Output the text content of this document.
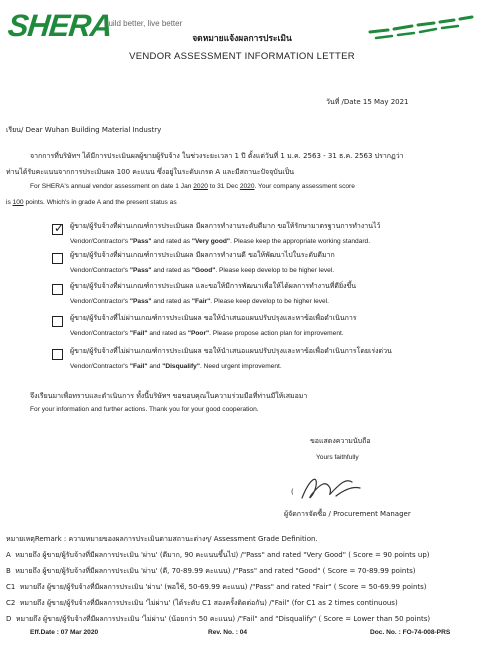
SHERA
build better, live better
จดหมายแจ้งผลการประเมิน
VENDOR ASSESSMENT INFORMATION LETTER
วันที่ /Date 15 May 2021
เรียน/ Dear Wuhan Building Material Industry
จากการที่บริษัทฯ ได้มีการประเมินผลผู้ขายผู้รับจ้าง ในช่วงระยะเวลา 1 ปี ตั้งแต่วันที่ 1 ม.ค. 2563 - 31 ธ.ค. 2563 ปรากฏว่า
ท่านได้รับคะแนนจากการประเมินผล 100 คะแนน ซึ่งอยู่ในระดับเกรด A และมีสถานะปัจจุบันเป็น
For SHERA's annual vendor assessment on date 1 Jan 2020 to 31 Dec 2020. Your company assessment score
is 100 points. Which's in grade A and the present status as
✓ ผู้ขาย/ผู้รับจ้างที่ผ่านเกณฑ์การประเมินผล มีผลการทำงานระดับดีมาก ขอให้รักษามาตรฐานการทำงานไว้
Vendor/Contractor's "Pass" and rated as "Very good". Please keep the appropriate working standard.
ผู้ขาย/ผู้รับจ้างที่ผ่านเกณฑ์การประเมินผล มีผลการทำงานดี ขอให้พัฒนาไปในระดับดีมาก
Vendor/Contractor's "Pass" and rated as "Good". Please keep develop to be higher level.
ผู้ขาย/ผู้รับจ้างที่ผ่านเกณฑ์การประเมินผล และขอให้มีการพัฒนาเพื่อให้ได้ผลการทำงานที่ดียิ่งขึ้น
Vendor/Contractor's "Pass" and rated as "Fair". Please keep develop to be higher level.
ผู้ขาย/ผู้รับจ้างที่ไม่ผ่านเกณฑ์การประเมินผล ขอให้นำเสนอแผนปรับปรุงและหาข้อเพื่อดำเนินการ
Vendor/Contractor's "Fail" and rated as "Poor". Please propose action plan for improvement.
ผู้ขาย/ผู้รับจ้างที่ไม่ผ่านเกณฑ์การประเมินผล ขอให้นำเสนอแผนปรับปรุงและหาข้อเพื่อดำเนินการโดยเร่งด่วน
Vendor/Contractor's "Fail" and "Disqualify". Need urgent improvement.
จึงเรียนมาเพื่อทราบและดำเนินการ ทั้งนี้บริษัทฯ ขอขอบคุณในความร่วมมือที่ท่านมีให้เสมอมา
For your information and further actions. Thank you for your good cooperation.
ขอแสดงความนับถือ
Yours faithfully
(
ผู้จัดการจัดซื้อ / Procurement Manager
หมายเหตุRemark : ความหมายของผลการประเมินตามสถานะต่างๆ/ Assessment Grade Definition.
A หมายถึง ผู้ขาย/ผู้รับจ้างที่มีผลการประเมิน 'ผ่าน' (ดีมาก, 90 คะแนนขึ้นไป) /"Pass" and rated "Very Good" ( Score = 90 points up)
B หมายถึง ผู้ขาย/ผู้รับจ้างที่มีผลการประเมิน 'ผ่าน' (ดี, 70-89.99 คะแนน) /"Pass" and rated "Good" ( Score = 70-89.99 points)
C1 หมายถึง ผู้ขาย/ผู้รับจ้างที่มีผลการประเมิน 'ผ่าน' (พอใช้, 50-69.99 คะแนน) /"Pass" and rated "Fair" ( Score = 50-69.99 points)
C2 หมายถึง ผู้ขาย/ผู้รับจ้างที่มีผลการประเมิน 'ไม่ผ่าน' (ได้ระดับ C1 สองครั้งติดต่อกัน) /"Fail" (for C1 as 2 times continuous)
D หมายถึง ผู้ขาย/ผู้รับจ้างที่มีผลการประเมิน 'ไม่ผ่าน' (น้อยกว่า 50 คะแนน) /"Fail" and "Disqualify" ( Score = Lower than 50 points)
Eff.Date : 07 Mar 2020	Rev. No. : 04	Doc. No. : FO-74-008-PRS
